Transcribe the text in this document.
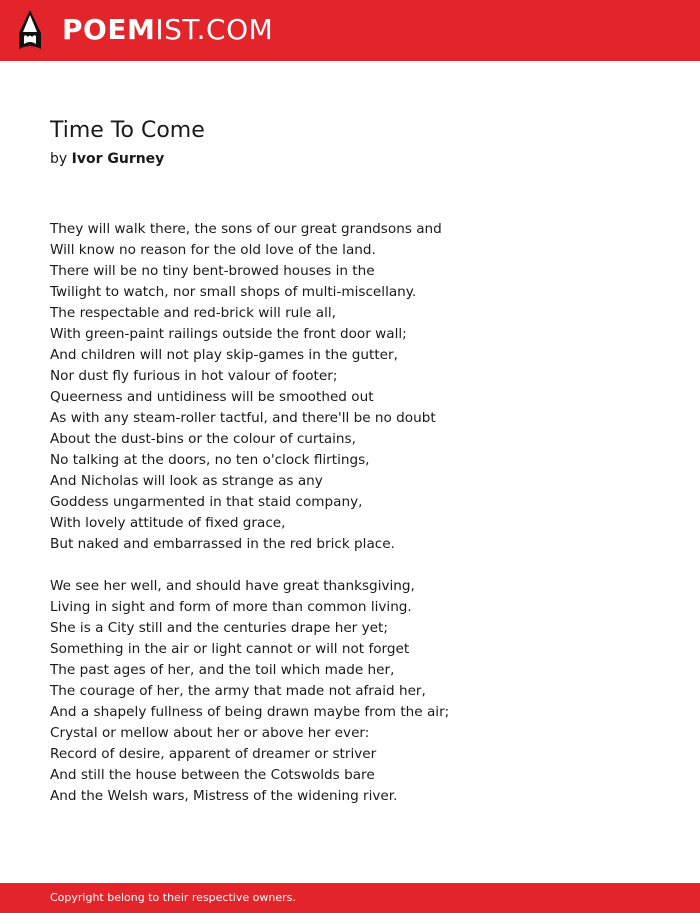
POEMIST.COM
Time To Come
by Ivor Gurney
They will walk there, the sons of our great grandsons and
Will know no reason for the old love of the land.
There will be no tiny bent-browed houses in the
Twilight to watch, nor small shops of multi-miscellany.
The respectable and red-brick will rule all,
With green-paint railings outside the front door wall;
And children will not play skip-games in the gutter,
Nor dust fly furious in hot valour of footer;
Queerness and untidiness will be smoothed out
As with any steam-roller tactful, and there'll be no doubt
About the dust-bins or the colour of curtains,
No talking at the doors, no ten o'clock flirtings,
And Nicholas will look as strange as any
Goddess ungarmented in that staid company,
With lovely attitude of fixed grace,
But naked and embarrassed in the red brick place.
We see her well, and should have great thanksgiving,
Living in sight and form of more than common living.
She is a City still and the centuries drape her yet;
Something in the air or light cannot or will not forget
The past ages of her, and the toil which made her,
The courage of her, the army that made not afraid her,
And a shapely fullness of being drawn maybe from the air;
Crystal or mellow about her or above her ever:
Record of desire, apparent of dreamer or striver
And still the house between the Cotswolds bare
And the Welsh wars, Mistress of the widening river.
Copyright belong to their respective owners.
